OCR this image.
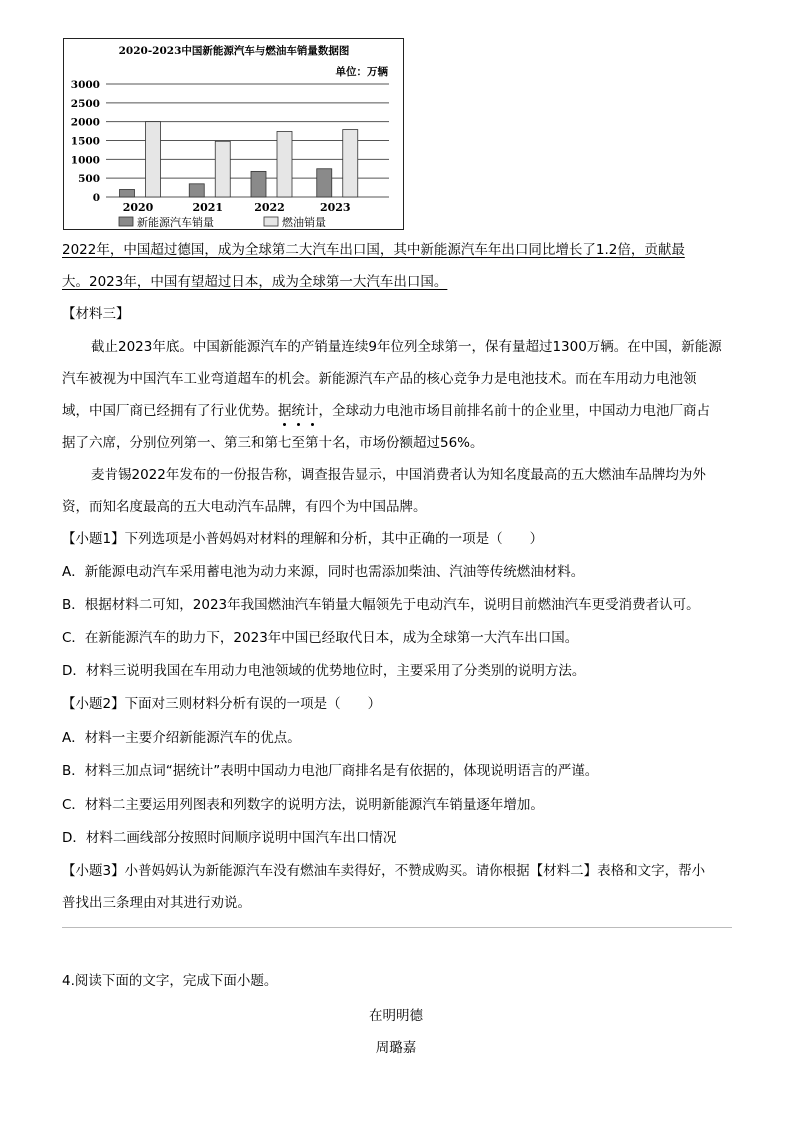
2020-2023中国新能源汽车与燃油车销量数据图
单位：万辆
0
500
1000
1500
2000
2500
3000
2020	2021	2022	2023
新能源汽车销量	燃油销量
2022年，中国超过德国，成为全球第二大汽车出口国，其中新能源汽车年出口同比增长了1.2倍，贡献最
大。2023年，中国有望超过日本，成为全球第一大汽车出口国。
【材料三】
截止2023年底。中国新能源汽车的产销量连续9年位列全球第一，保有量超过1300万辆。在中国，新能源
汽车被视为中国汽车工业弯道超车的机会。新能源汽车产品的核心竞争力是电池技术。而在车用动力电池领
域，中国厂商已经拥有了行业优势。据统计
，全球动力电池市场目前排名前十的企业里，中国动力电池厂商占
据了六席，分别位列第一、第三和第七至第十名，市场份额超过56%。
麦肯锡2022年发布的一份报告称，调查报告显示，中国消费者认为知名度最高的五大燃油车品牌均为外
资，而知名度最高的五大电动汽车品牌，有四个为中国品牌。
【小题1】下列选项是小普妈妈对材料的理解和分析，其中正确的一项是（　　）
A．新能源电动汽车采用蓄电池为动力来源，同时也需添加柴油、汽油等传统燃油材料。
B．根据材料二可知，2023年我国燃油汽车销量大幅领先于电动汽车，说明目前燃油汽车更受消费者认可。
C．在新能源汽车的助力下，2023年中国已经取代日本，成为全球第一大汽车出口国。
D．材料三说明我国在车用动力电池领域的优势地位时，主要采用了分类别的说明方法。
【小题2】下面对三则材料分析有误的一项是（　　）
A．材料一主要介绍新能源汽车的优点。
B．材料三加点词“据统计”表明中国动力电池厂商排名是有依据的，体现说明语言的严谨。
C．材料二主要运用列图表和列数字的说明方法，说明新能源汽车销量逐年增加。
D．材料二画线部分按照时间顺序说明中国汽车出口情况
【小题3】小普妈妈认为新能源汽车没有燃油车卖得好，不赞成购买。请你根据【材料二】表格和文字，帮小
普找出三条理由对其进行劝说。
4.阅读下面的文字，完成下面小题。
在明明德
周璐嘉
